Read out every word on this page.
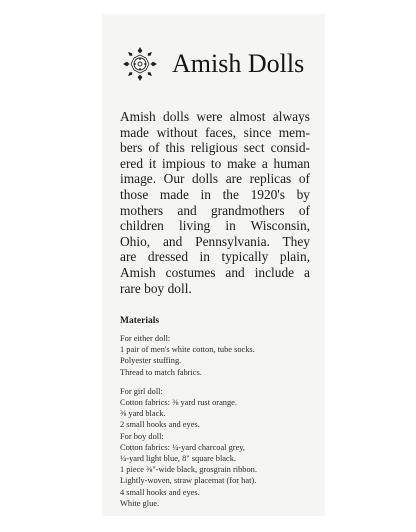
Amish Dolls
Amish dolls were almost always
made without faces, since mem-
bers of this religious sect consid-
ered it impious to make a human
image. Our dolls are replicas of
those made in the 1920's by
mothers and grandmothers of
children living in Wisconsin,
Ohio, and Pennsylvania. They
are dressed in typically plain,
Amish costumes and include a
rare boy doll.
Materials
For either doll:
1 pair of men's white cotton, tube socks.
Polyester stuffing.
Thread to match fabrics.
For girl doll:
Cotton fabrics: ⅜ yard rust orange.
⅜ yard black.
2 small hooks and eyes.
For boy doll:
Cotton fabrics: ¼-yard charcoal grey,
¼-yard light blue, 8" square black.
1 piece ⅜"-wide black, grosgrain ribbon.
Lightly-woven, straw placemat (for hat).
4 small hooks and eyes.
White glue.
